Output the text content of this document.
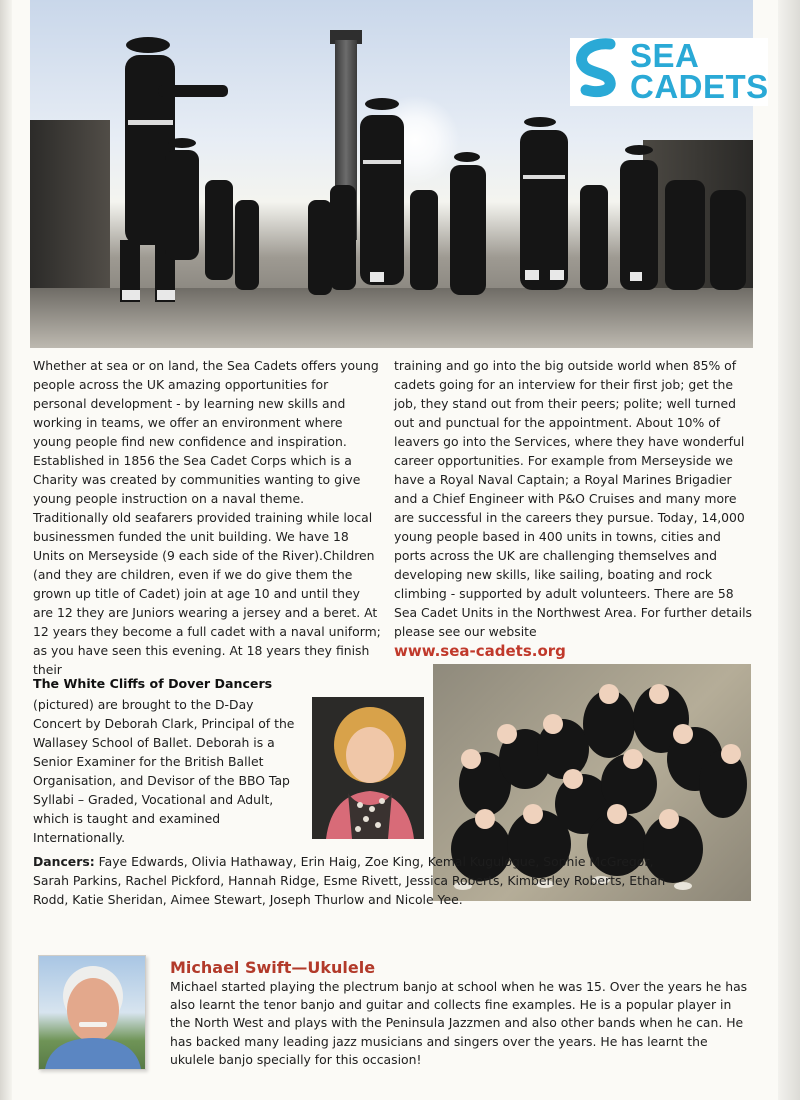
SEA
CADETS
Whether at sea or on land, the Sea Cadets offers young people across the UK amazing opportunities for personal development - by learning new skills and working in teams, we offer an environment where young people find new confidence and inspiration. Established in 1856 the Sea Cadet Corps which is a Charity was created by communities wanting to give young people instruction on a naval theme. Traditionally old seafarers provided training while local businessmen funded the unit building. We have 18 Units on Merseyside (9 each side of the River).Children (and they are children, even if we do give them the grown up title of Cadet) join at age 10 and until they are 12 they are Juniors wearing a jersey and a beret. At 12 years they become a full cadet with a naval uniform; as you have seen this evening. At 18 years they finish their
training and go into the big outside world when 85% of cadets going for an interview for their first job; get the job, they stand out from their peers; polite; well turned out and punctual for the appointment. About 10% of leavers go into the Services, where they have wonderful career opportunities. For example from Merseyside we have a Royal Naval Captain; a Royal Marines Brigadier and a Chief Engineer with P&O Cruises and many more are successful in the careers they pursue. Today, 14,000 young people based in 400 units in towns, cities and ports across the UK are challenging themselves and developing new skills, like sailing, boating and rock climbing - supported by adult volunteers. There are 58 Sea Cadet Units in the Northwest Area. For further details please see our website
www.sea-cadets.org
The White Cliffs of Dover Dancers
(pictured) are brought to the D-Day Concert by Deborah Clark, Principal of the Wallasey School of Ballet. Deborah is a Senior Examiner for the British Ballet Organisation, and Devisor of the BBO Tap Syllabi – Graded, Vocational and Adult, which is taught and examined Internationally.
Dancers: Faye Edwards, Olivia Hathaway, Erin Haig, Zoe King, Kemal Kugulogue, Sophie McGregor, Sarah Parkins, Rachel Pickford, Hannah Ridge, Esme Rivett, Jessica Roberts, Kimberley Roberts, Ethan Rodd, Katie Sheridan, Aimee Stewart, Joseph Thurlow and Nicole Yee.
Michael Swift—Ukulele
Michael started playing the plectrum banjo at school when he was 15. Over the years he has also learnt the tenor banjo and guitar and collects fine examples. He is a popular player in the North West and plays with the Peninsula Jazzmen and also other bands when he can. He has backed many leading jazz musicians and singers over the years. He has learnt the ukulele banjo specially for this occasion!
